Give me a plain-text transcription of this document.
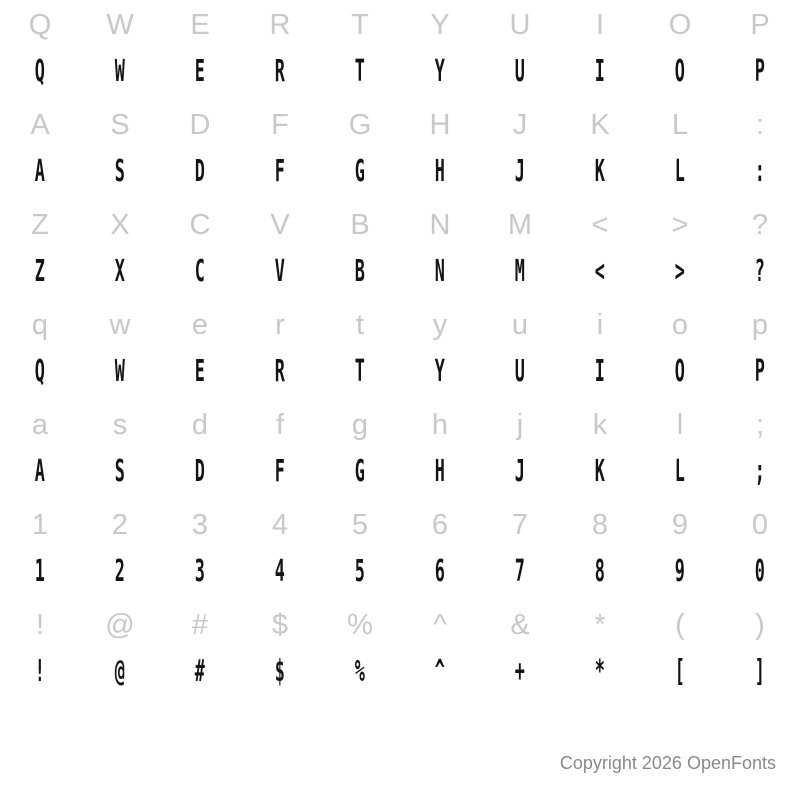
Q	W	E	R	T	Y	U	I	O	P
Q W E R T Y U I O P
A	S	D	F	G	H	J	K	L	:
A S D F G H J K L :
Z	X	C	V	B	N	M	<	>	?
Z X C V B N M < > ?
q	w	e	r	t	y	u	i	o	p
Q W E R T Y U I O P
a	s	d	f	g	h	j	k	l	;
A S D F G H J K L ;
1	2	3	4	5	6	7	8	9	0
1 2 3 4 5 6 7 8 9 0
!	@	#	$	%	^	&	*	(	)
! @ # $ % ^ + * [ ]
Copyright 2026 OpenFonts
